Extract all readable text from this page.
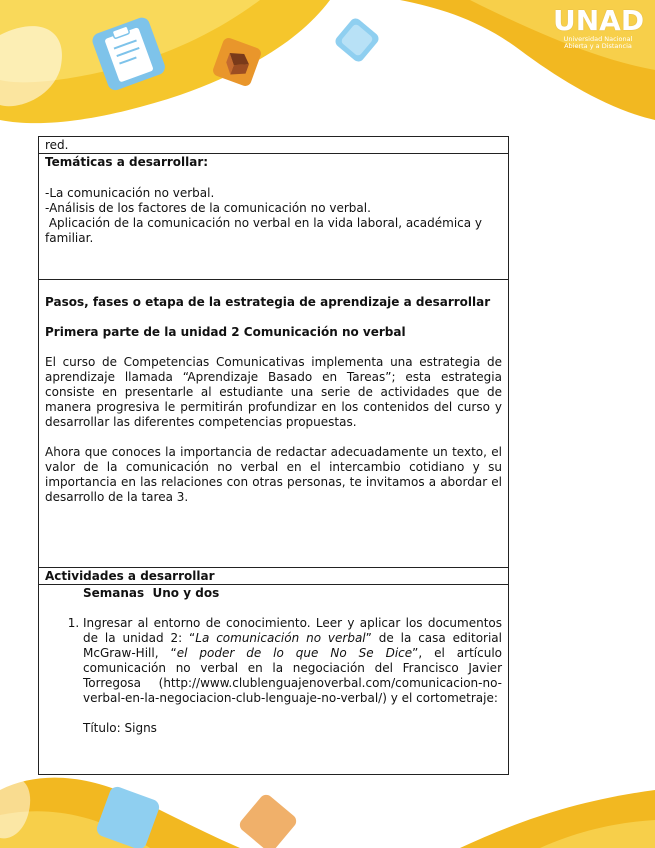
UNAD
Universidad Nacional
Abierta y a Distancia

red.

Temáticas a desarrollar:

-La comunicación no verbal.

-Análisis de los factores de la comunicación no verbal.

Aplicación de la comunicación no verbal en la vida laboral, académica y familiar.

Pasos, fases o etapa de la estrategia de aprendizaje a desarrollar

Primera parte de la unidad 2 Comunicación no verbal

El curso de Competencias Comunicativas implementa una estrategia de aprendizaje llamada “Aprendizaje Basado en Tareas”; esta estrategia consiste en presentarle al estudiante una serie de actividades que de manera progresiva le permitirán profundizar en los contenidos del curso y desarrollar las diferentes competencias propuestas.

Ahora que conoces la importancia de redactar adecuadamente un texto, el valor de la comunicación no verbal en el intercambio cotidiano y su importancia en las relaciones con otras personas, te invitamos a abordar el desarrollo de la tarea 3.

Actividades a desarrollar

Semanas  Uno y dos

1. Ingresar al entorno de conocimiento. Leer y aplicar los documentos de la unidad 2: “La comunicación no verbal” de la casa editorial McGraw-Hill, “el poder de lo que No Se Dice”, el artículo comunicación no verbal en la negociación del Francisco Javier Torregosa (http://www.clublenguajenoverbal.com/comunicacion-no-verbal-en-la-negociacion-club-lenguaje-no-verbal/) y el cortometraje:

Título: Signs
